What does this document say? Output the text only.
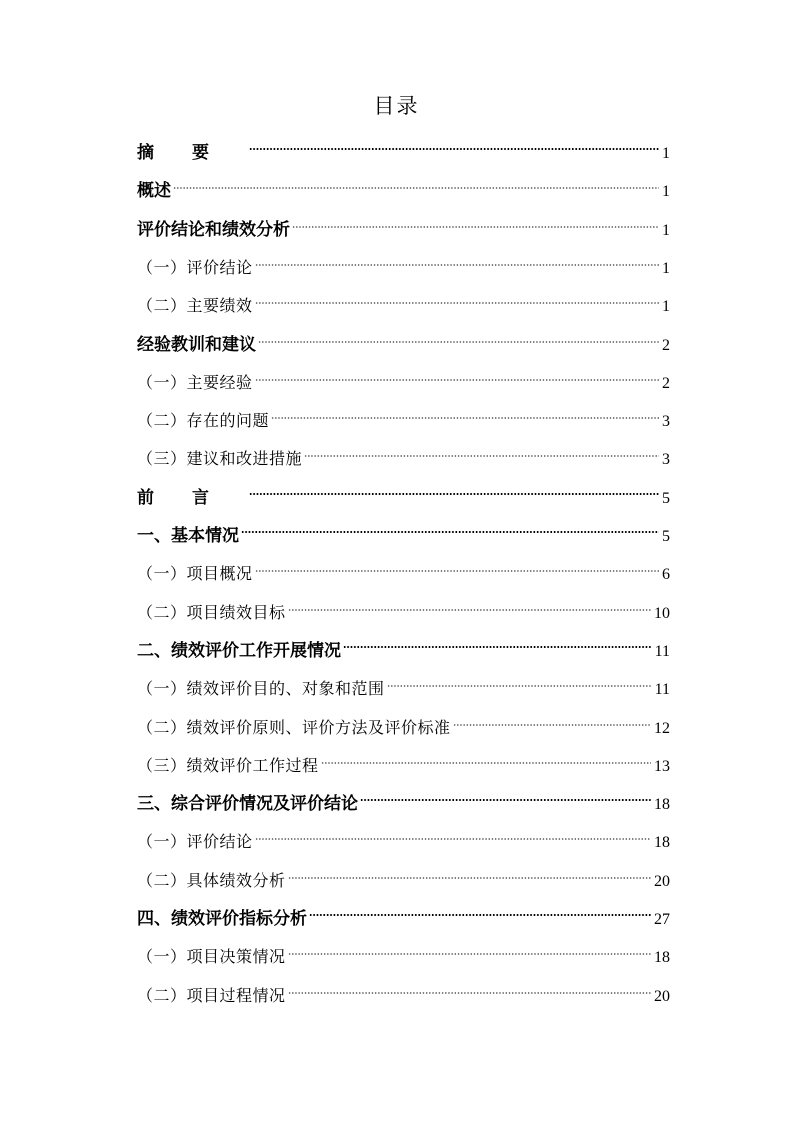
目录
摘要	1
概述	1
评价结论和绩效分析	1
（一）评价结论	1
（二）主要绩效	1
经验教训和建议	2
（一）主要经验	2
（二）存在的问题	3
（三）建议和改进措施	3
前言	5
一、基本情况	5
（一）项目概况	6
（二）项目绩效目标	10
二、绩效评价工作开展情况	11
（一）绩效评价目的、对象和范围	11
（二）绩效评价原则、评价方法及评价标准	12
（三）绩效评价工作过程	13
三、综合评价情况及评价结论	18
（一）评价结论	18
（二）具体绩效分析	20
四、绩效评价指标分析	27
（一）项目决策情况	18
（二）项目过程情况	20
